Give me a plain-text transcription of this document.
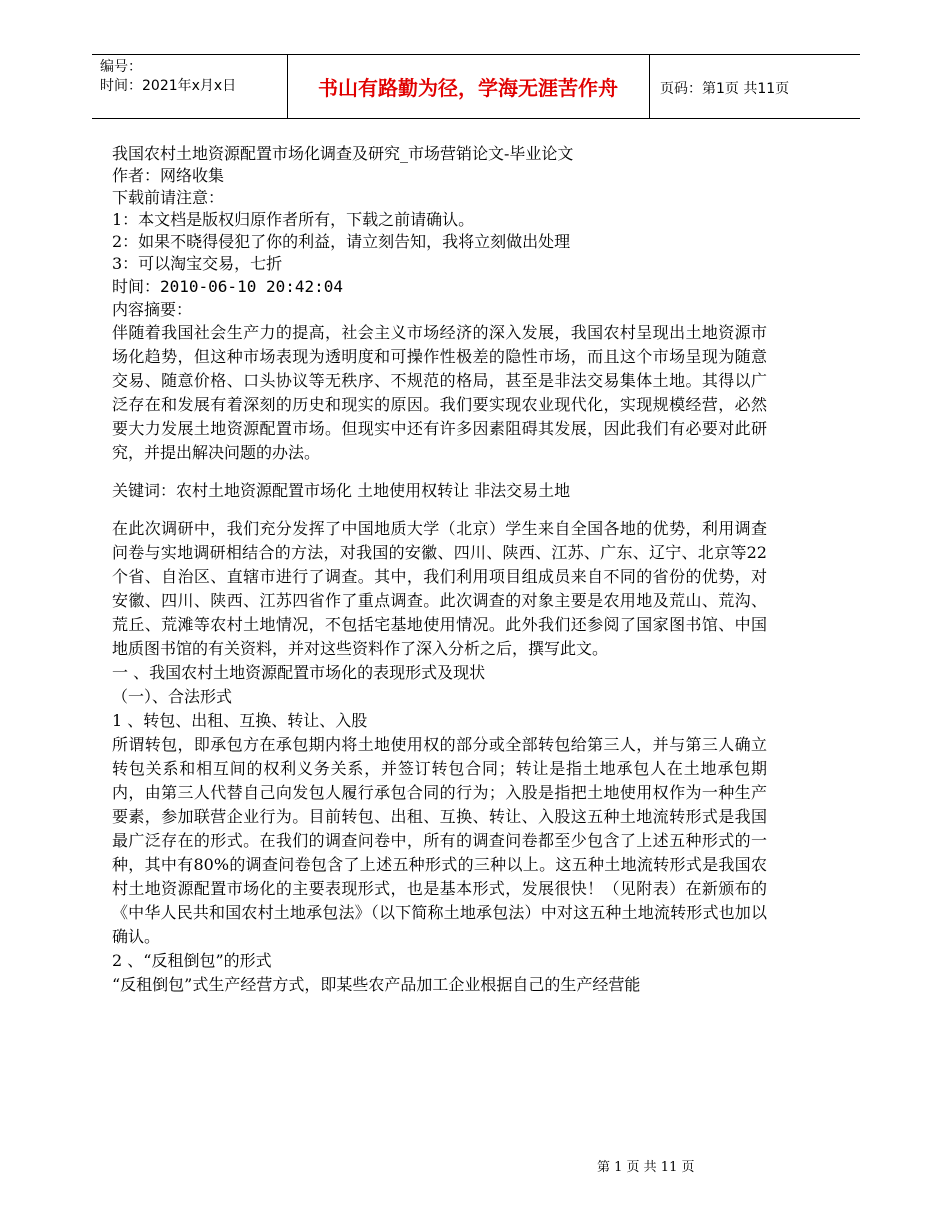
编号：
时间：2021年x月x日	书山有路勤为径，学海无涯苦作舟	页码：第1页 共11页
我国农村土地资源配置市场化调查及研究_市场营销论文-毕业论文
作者：网络收集
下载前请注意：
1：本文档是版权归原作者所有，下载之前请确认。
2：如果不晓得侵犯了你的利益，请立刻告知，我将立刻做出处理
3：可以淘宝交易，七折
时间：2010-06-10 20:42:04
内容摘要：
伴随着我国社会生产力的提高，社会主义市场经济的深入发展，我国农村呈现出土地资源市场化趋势，但这种市场表现为透明度和可操作性极差的隐性市场，而且这个市场呈现为随意交易、随意价格、口头协议等无秩序、不规范的格局，甚至是非法交易集体土地。其得以广泛存在和发展有着深刻的历史和现实的原因。我们要实现农业现代化，实现规模经营，必然要大力发展土地资源配置市场。但现实中还有许多因素阻碍其发展，因此我们有必要对此研究，并提出解决问题的办法。
关键词：农村土地资源配置市场化 土地使用权转让 非法交易土地
在此次调研中，我们充分发挥了中国地质大学（北京）学生来自全国各地的优势，利用调查问卷与实地调研相结合的方法，对我国的安徽、四川、陕西、江苏、广东、辽宁、北京等22个省、自治区、直辖市进行了调查。其中，我们利用项目组成员来自不同的省份的优势，对安徽、四川、陕西、江苏四省作了重点调查。此次调查的对象主要是农用地及荒山、荒沟、荒丘、荒滩等农村土地情况，不包括宅基地使用情况。此外我们还参阅了国家图书馆、中国地质图书馆的有关资料，并对这些资料作了深入分析之后，撰写此文。
一 、我国农村土地资源配置市场化的表现形式及现状
（一）、合法形式
1 、转包、出租、互换、转让、入股
所谓转包，即承包方在承包期内将土地使用权的部分或全部转包给第三人，并与第三人确立转包关系和相互间的权利义务关系，并签订转包合同；转让是指土地承包人在土地承包期内，由第三人代替自己向发包人履行承包合同的行为；入股是指把土地使用权作为一种生产要素，参加联营企业行为。目前转包、出租、互换、转让、入股这五种土地流转形式是我国最广泛存在的形式。在我们的调查问卷中，所有的调查问卷都至少包含了上述五种形式的一种，其中有80%的调查问卷包含了上述五种形式的三种以上。这五种土地流转形式是我国农村土地资源配置市场化的主要表现形式，也是基本形式，发展很快！（见附表）在新颁布的《中华人民共和国农村土地承包法》（以下简称土地承包法）中对这五种土地流转形式也加以确认。
2 、“反租倒包”的形式
“反租倒包”式生产经营方式，即某些农产品加工企业根据自己的生产经营能
第 1 页 共 11 页
